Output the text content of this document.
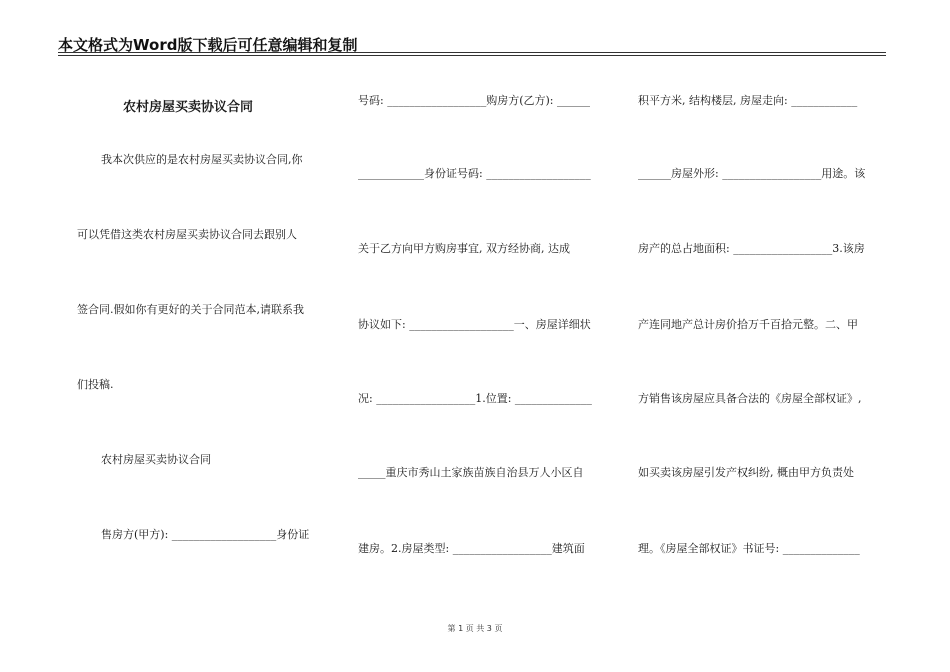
本文格式为Word版下载后可任意编辑和复制
农村房屋买卖协议合同
我本次供应的是农村房屋买卖协议合同,你
可以凭借这类农村房屋买卖协议合同去跟别人
签合同.假如你有更好的关于合同范本,请联系我
们投稿.
农村房屋买卖协议合同
售房方(甲方): ___________________身份证
号码: __________________购房方(乙方): ______
____________身份证号码: ___________________
关于乙方向甲方购房事宜, 双方经协商, 达成
协议如下: ___________________一、房屋详细状
况: __________________1.位置: ______________
_____重庆市秀山土家族苗族自治县万人小区自
建房。2.房屋类型: __________________建筑面
积平方米, 结构楼层, 房屋走向: ____________
______房屋外形: __________________用途。该
房产的总占地面积: __________________3.该房
产连同地产总计房价拾万千百拾元整。二、甲
方销售该房屋应具备合法的《房屋全部权证》,
如买卖该房屋引发产权纠纷, 概由甲方负责处
理。《房屋全部权证》书证号: ______________
第 1 页 共 3 页
